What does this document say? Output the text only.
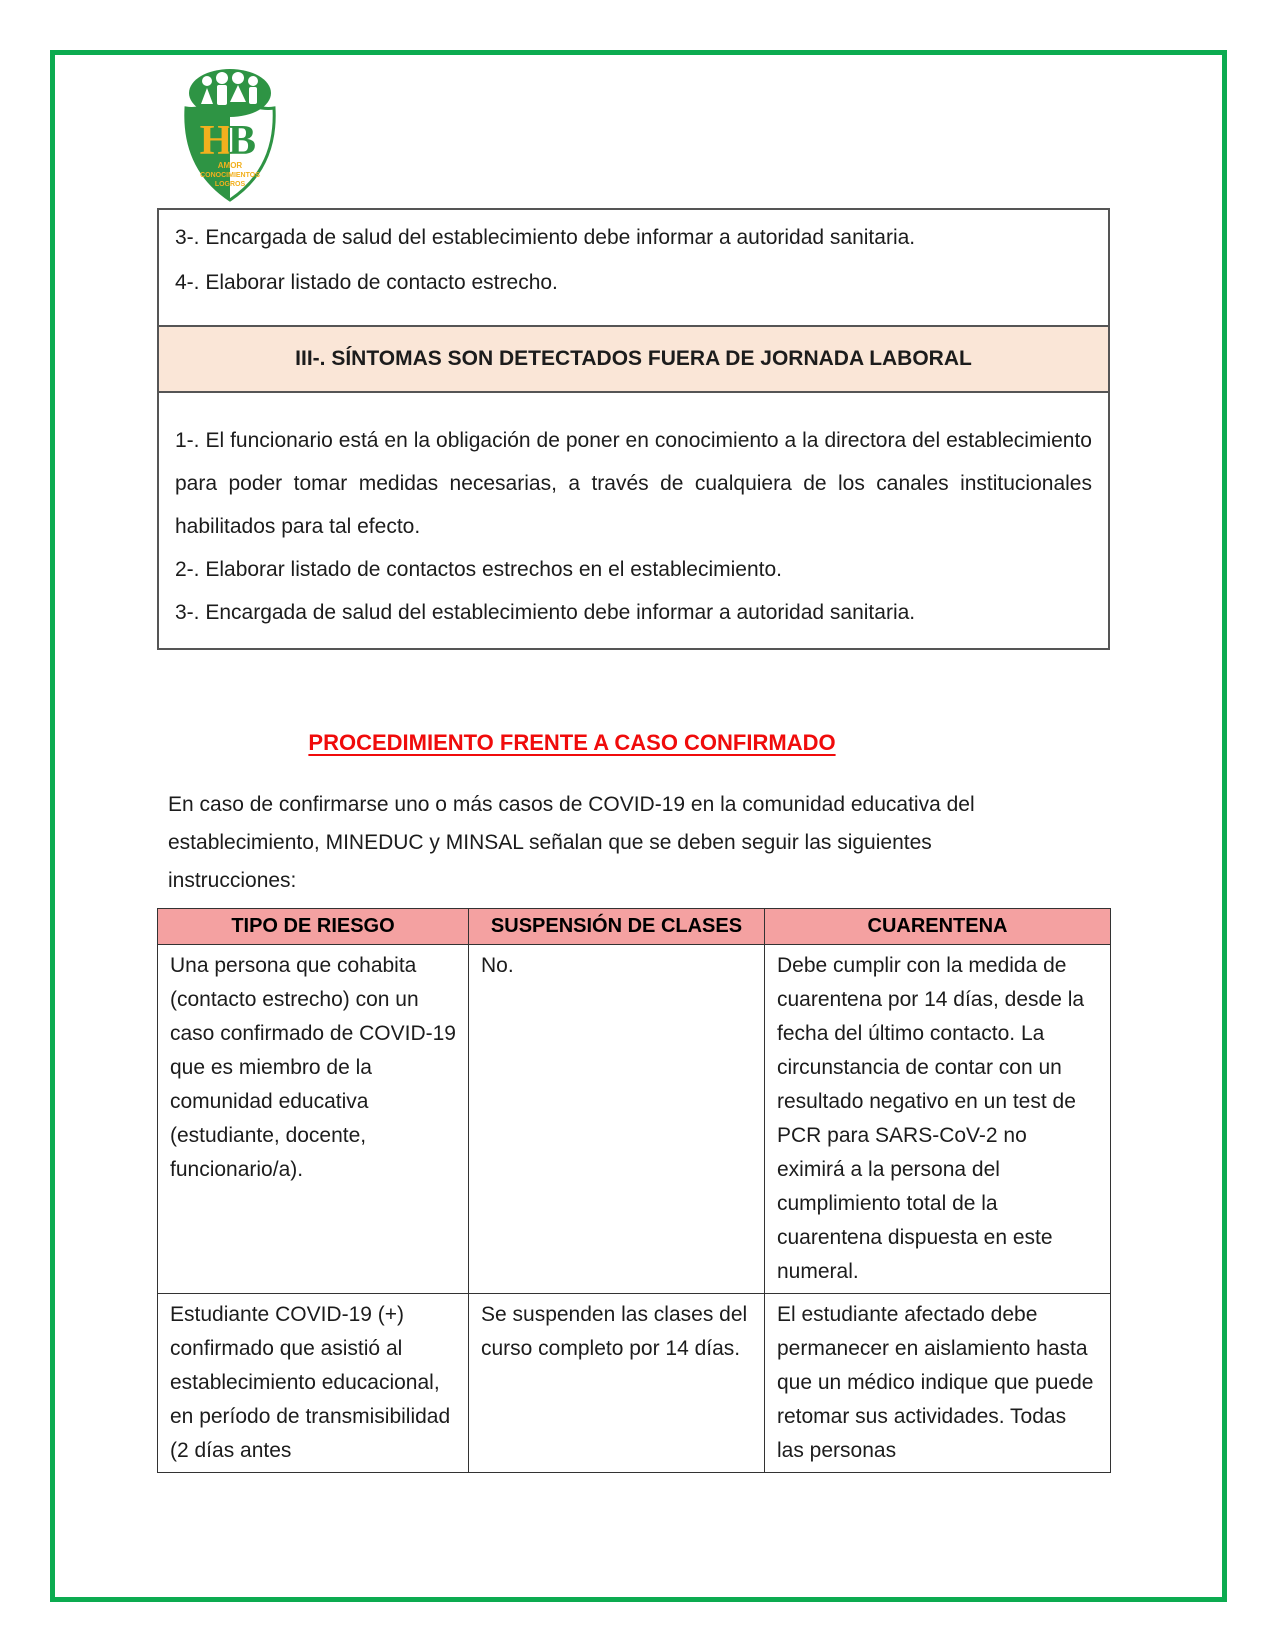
H
B
AMOR
CONOCIMIENTOS
LOGROS

3-. Encargada de salud del establecimiento debe informar a autoridad sanitaria.

4-. Elaborar listado de contacto estrecho.

III-. SÍNTOMAS SON DETECTADOS FUERA DE JORNADA LABORAL

1-. El funcionario está en la obligación de poner en conocimiento a la directora del establecimiento para poder tomar medidas necesarias, a través de cualquiera de los canales institucionales habilitados para tal efecto.

2-. Elaborar listado de contactos estrechos en el establecimiento.

3-. Encargada de salud del establecimiento debe informar a autoridad sanitaria.

PROCEDIMIENTO FRENTE A CASO CONFIRMADO
En caso de confirmarse uno o más casos de COVID-19 en la comunidad educativa del establecimiento, MINEDUC y MINSAL señalan que se deben seguir las siguientes instrucciones:
TIPO DE RIESGO	SUSPENSIÓN DE CLASES	CUARENTENA
Una persona que cohabita (contacto estrecho) con un caso confirmado de COVID-19 que es miembro de la comunidad educativa (estudiante, docente, funcionario/a).	No.	Debe cumplir con la medida de cuarentena por 14 días, desde la fecha del último contacto. La circunstancia de contar con un resultado negativo en un test de PCR para SARS-CoV-2 no eximirá a la persona del cumplimiento total de la cuarentena dispuesta en este numeral.
Estudiante COVID-19 (+) confirmado que asistió al establecimiento educacional, en período de transmisibilidad (2 días antes	Se suspenden las clases del curso completo por 14 días.	El estudiante afectado debe permanecer en aislamiento hasta que un médico indique que puede retomar sus actividades. Todas las personas
